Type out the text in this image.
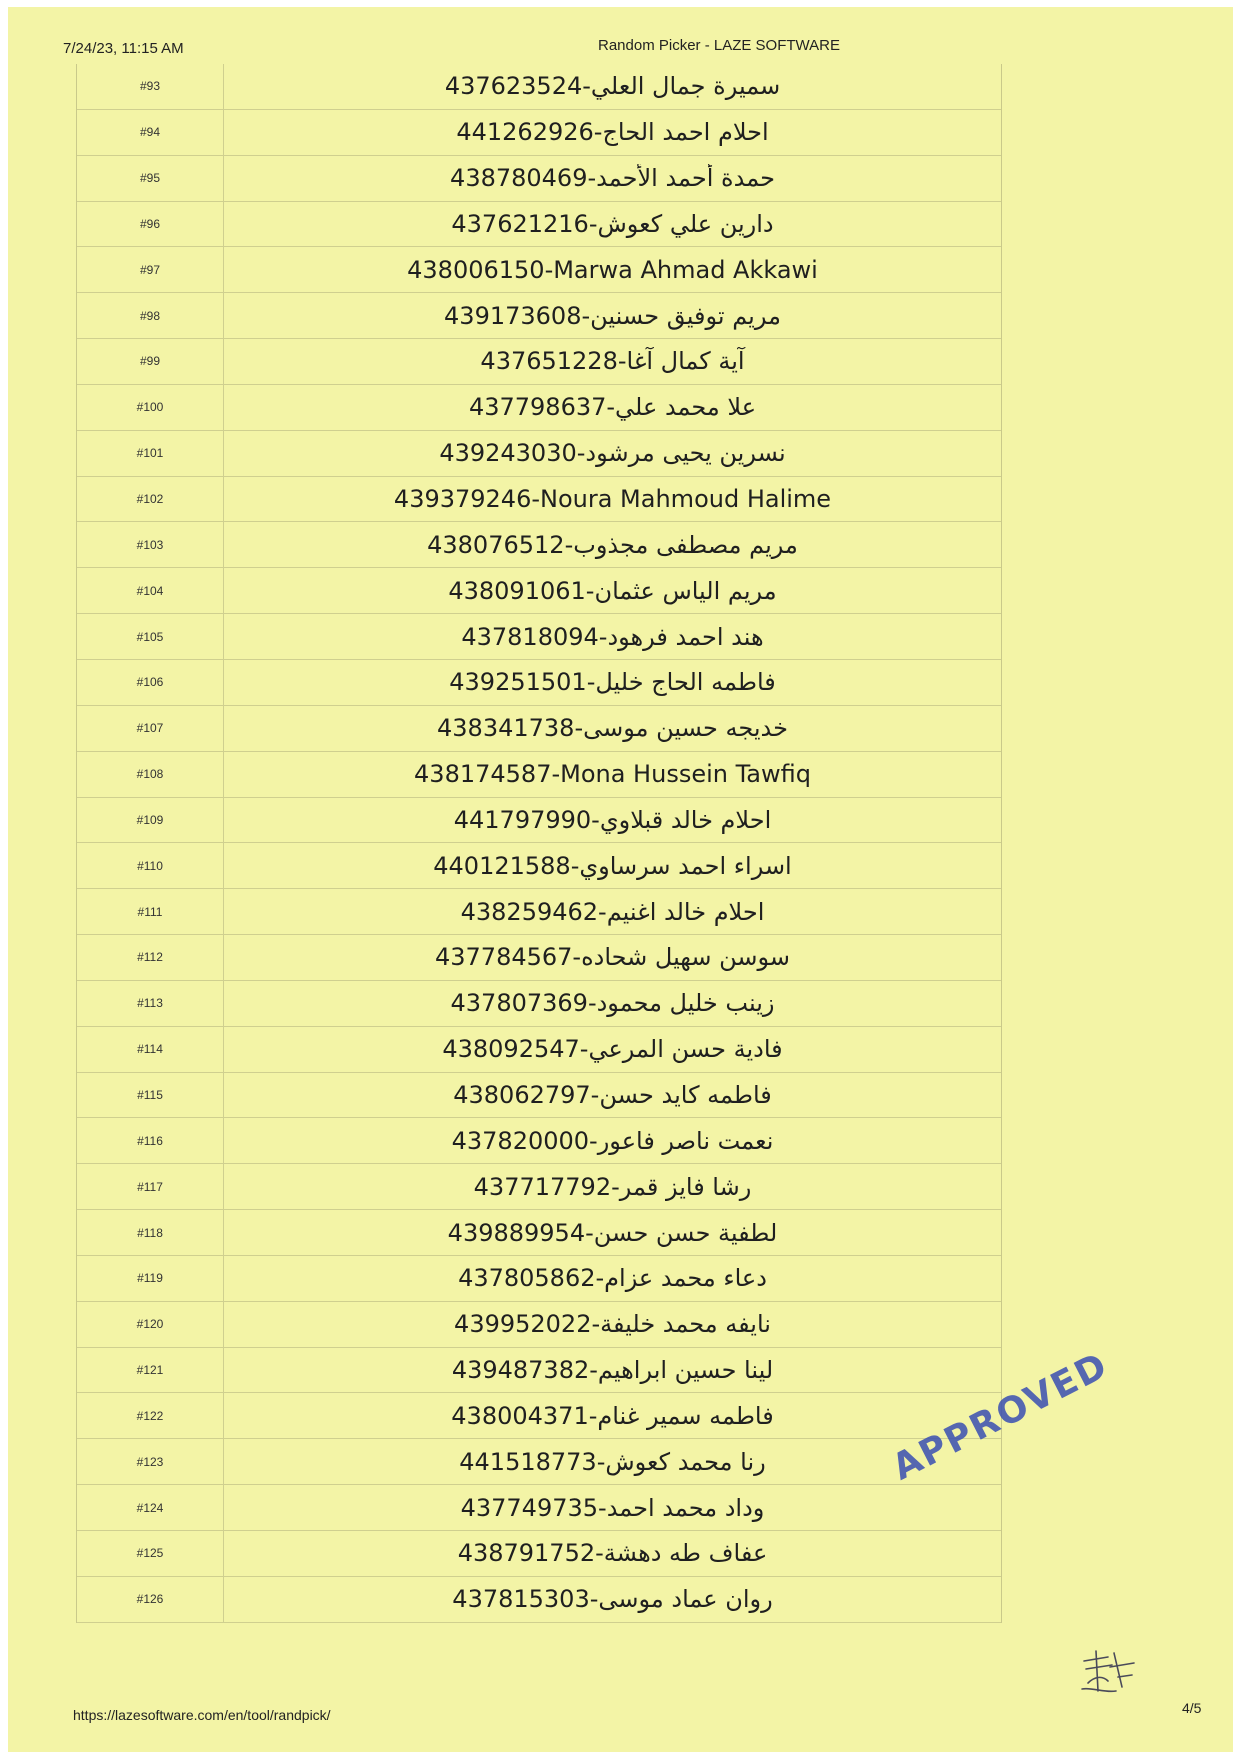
7/24/23, 11:15 AM	Random Picker - LAZE SOFTWARE
#93	سميرة جمال العلي-437623524
#94	احلام احمد الحاج-441262926
#95	حمدة أحمد الأحمد-438780469
#96	دارين علي كعوش-437621216
#97	438006150-Marwa Ahmad Akkawi
#98	مريم توفيق حسنين-439173608
#99	آية كمال آغا-437651228
#100	علا محمد علي-437798637
#101	نسرين يحيى مرشود-439243030
#102	439379246-Noura Mahmoud Halime
#103	مريم مصطفى مجذوب-438076512
#104	مريم الياس عثمان-438091061
#105	هند احمد فرهود-437818094
#106	فاطمه الحاج خليل-439251501
#107	خديجه حسين موسى-438341738
#108	438174587-Mona Hussein Tawfiq
#109	احلام خالد قبلاوي-441797990
#110	اسراء احمد سرساوي-440121588
#111	احلام خالد اغنيم-438259462
#112	سوسن سهيل شحاده-437784567
#113	زينب خليل محمود-437807369
#114	فادية حسن المرعي-438092547
#115	فاطمه كايد حسن-438062797
#116	نعمت ناصر فاعور-437820000
#117	رشا فايز قمر-437717792
#118	لطفية حسن حسن-439889954
#119	دعاء محمد عزام-437805862
#120	نايفه محمد خليفة-439952022
#121	لينا حسين ابراهيم-439487382
#122	فاطمه سمير غنام-438004371
#123	رنا محمد كعوش-441518773
#124	وداد محمد احمد-437749735
#125	عفاف طه دهشة-438791752
#126	روان عماد موسى-437815303
APPROVED
https://lazesoftware.com/en/tool/randpick/	4/5
